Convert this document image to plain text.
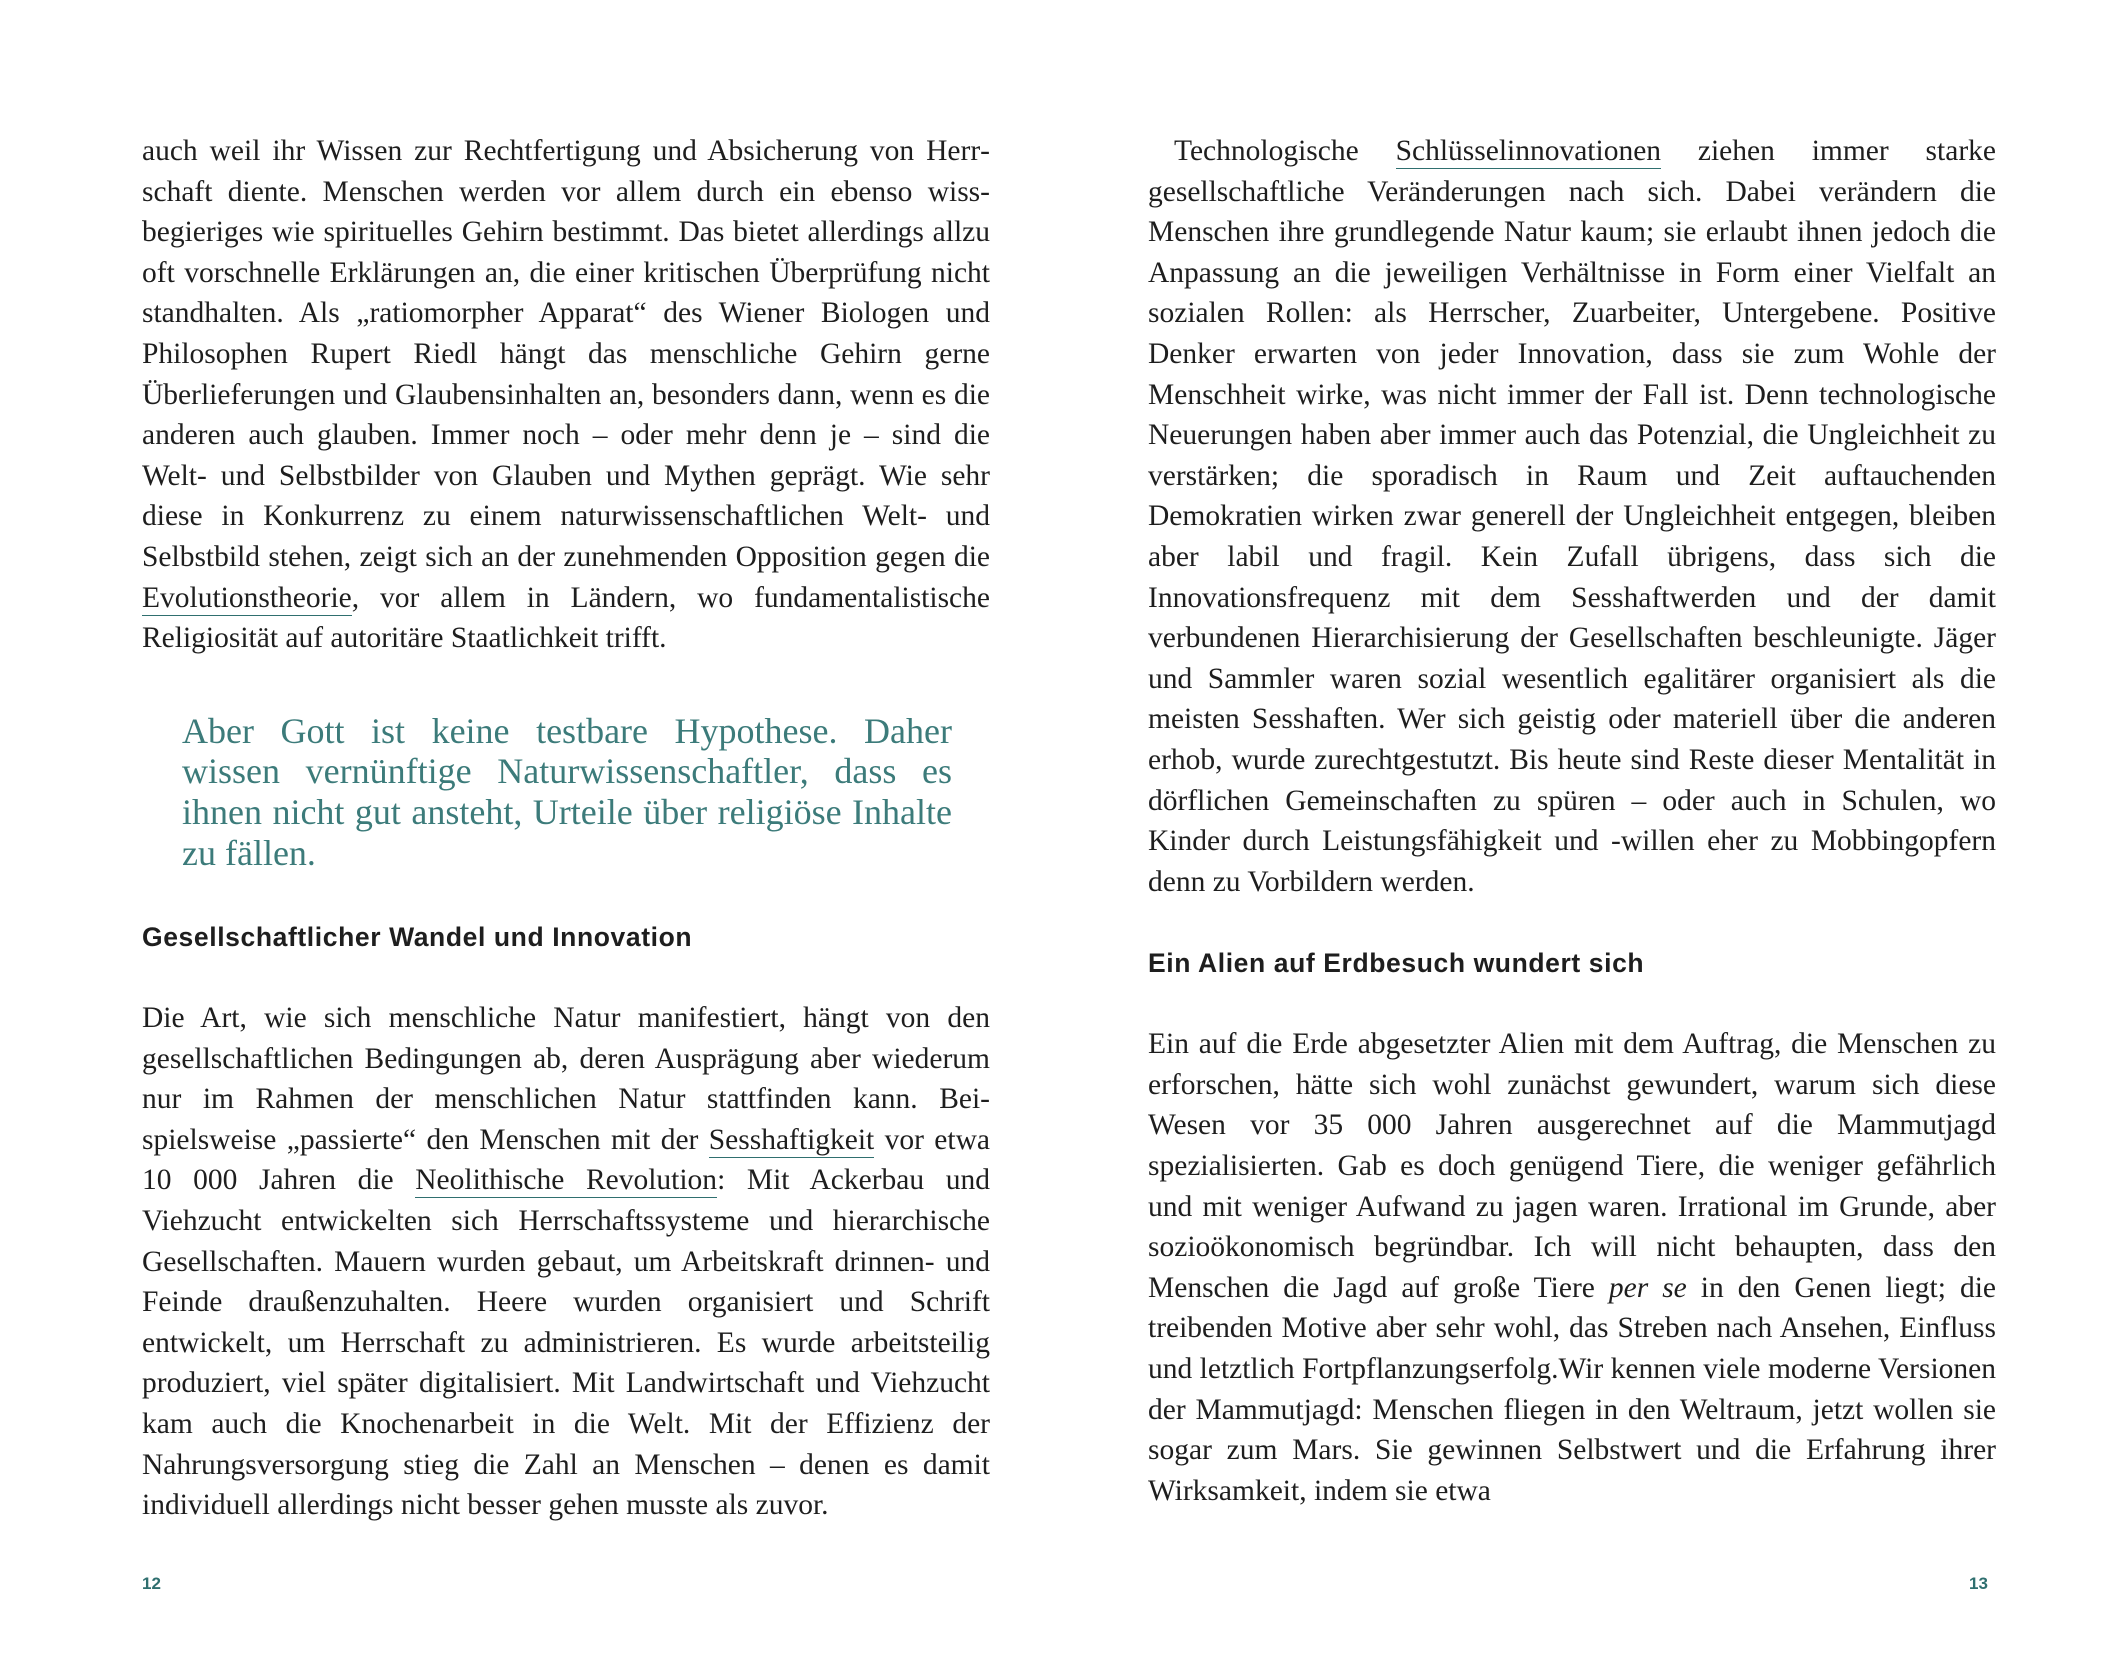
auch weil ihr Wissen zur Rechtfertigung und Absicherung von Herrschaft diente. Menschen werden vor allem durch ein ebenso wissbegieriges wie spirituelles Gehirn bestimmt. Das bietet allerdings allzu oft vorschnelle Erklärungen an, die einer kritischen Überprüfung nicht standhalten. Als „ratiomorpher Apparat“ des Wiener Biologen und Philosophen Rupert Riedl hängt das menschliche Gehirn gerne Überlieferungen und Glaubensinhalten an, besonders dann, wenn es die anderen auch glauben. Immer noch – oder mehr denn je – sind die Welt- und Selbstbilder von Glauben und Mythen geprägt. Wie sehr diese in Konkurrenz zu einem naturwissenschaftlichen Welt- und Selbstbild stehen, zeigt sich an der zunehmenden Opposition gegen die Evolutionstheorie, vor allem in Ländern, wo fundamentalistische Religiosität auf autoritäre Staatlichkeit trifft.

Aber Gott ist keine testbare Hypothese. Daher wissen vernünftige Naturwissenschaftler, dass es ihnen nicht gut ansteht, Urteile über religiöse Inhalte zu fällen.

Gesellschaftlicher Wandel und Innovation

Die Art, wie sich menschliche Natur manifestiert, hängt von den gesellschaftlichen Bedingungen ab, deren Ausprägung aber wiederum nur im Rahmen der menschlichen Natur stattfinden kann. Beispielsweise „passierte“ den Menschen mit der Sesshaftigkeit vor etwa 10 000 Jahren die Neolithische Revolution: Mit Ackerbau und Viehzucht entwickelten sich Herrschaftssysteme und hierarchische Gesellschaften. Mauern wurden gebaut, um Arbeitskraft drinnen- und Feinde draußenzuhalten. Heere wurden organisiert und Schrift entwickelt, um Herrschaft zu administrieren. Es wurde arbeitsteilig produziert, viel später digitalisiert. Mit Landwirtschaft und Viehzucht kam auch die Knochenarbeit in die Welt. Mit der Effizienz der Nahrungsversorgung stieg die Zahl an Menschen – denen es damit individuell allerdings nicht besser gehen musste als zuvor.

Technologische Schlüsselinnovationen ziehen immer starke gesellschaftliche Veränderungen nach sich. Dabei verändern die Menschen ihre grundlegende Natur kaum; sie erlaubt ihnen jedoch die Anpassung an die jeweiligen Verhältnisse in Form einer Vielfalt an sozialen Rollen: als Herrscher, Zuarbeiter, Untergebene. Positive Denker erwarten von jeder Innovation, dass sie zum Wohle der Menschheit wirke, was nicht immer der Fall ist. Denn technologische Neuerungen haben aber immer auch das Potenzial, die Ungleichheit zu verstärken; die sporadisch in Raum und Zeit auftauchenden Demokratien wirken zwar generell der Ungleichheit entgegen, bleiben aber labil und fragil. Kein Zufall übrigens, dass sich die Innovationsfrequenz mit dem Sesshaftwerden und der damit verbundenen Hierarchisierung der Gesellschaften beschleunigte. Jäger und Sammler waren sozial wesentlich egalitärer organisiert als die meisten Sesshaften. Wer sich geistig oder materiell über die anderen erhob, wurde zurechtgestutzt. Bis heute sind Reste dieser Mentalität in dörflichen Gemeinschaften zu spüren – oder auch in Schulen, wo Kinder durch Leistungsfähigkeit und -willen eher zu Mobbingopfern denn zu Vorbildern werden.

Ein Alien auf Erdbesuch wundert sich

Ein auf die Erde abgesetzter Alien mit dem Auftrag, die Menschen zu erforschen, hätte sich wohl zunächst gewundert, warum sich diese Wesen vor 35 000 Jahren ausgerechnet auf die Mammutjagd spezialisierten. Gab es doch genügend Tiere, die weniger gefährlich und mit weniger Aufwand zu jagen waren. Irrational im Grunde, aber sozioökonomisch begründbar. Ich will nicht behaupten, dass den Menschen die Jagd auf große Tiere per se in den Genen liegt; die treibenden Motive aber sehr wohl, das Streben nach Ansehen, Einfluss und letztlich Fortpflanzungserfolg.Wir kennen viele moderne Versionen der Mammutjagd: Menschen fliegen in den Weltraum, jetzt wollen sie sogar zum Mars. Sie gewinnen Selbstwert und die Erfahrung ihrer Wirksamkeit, indem sie etwa

12	13
